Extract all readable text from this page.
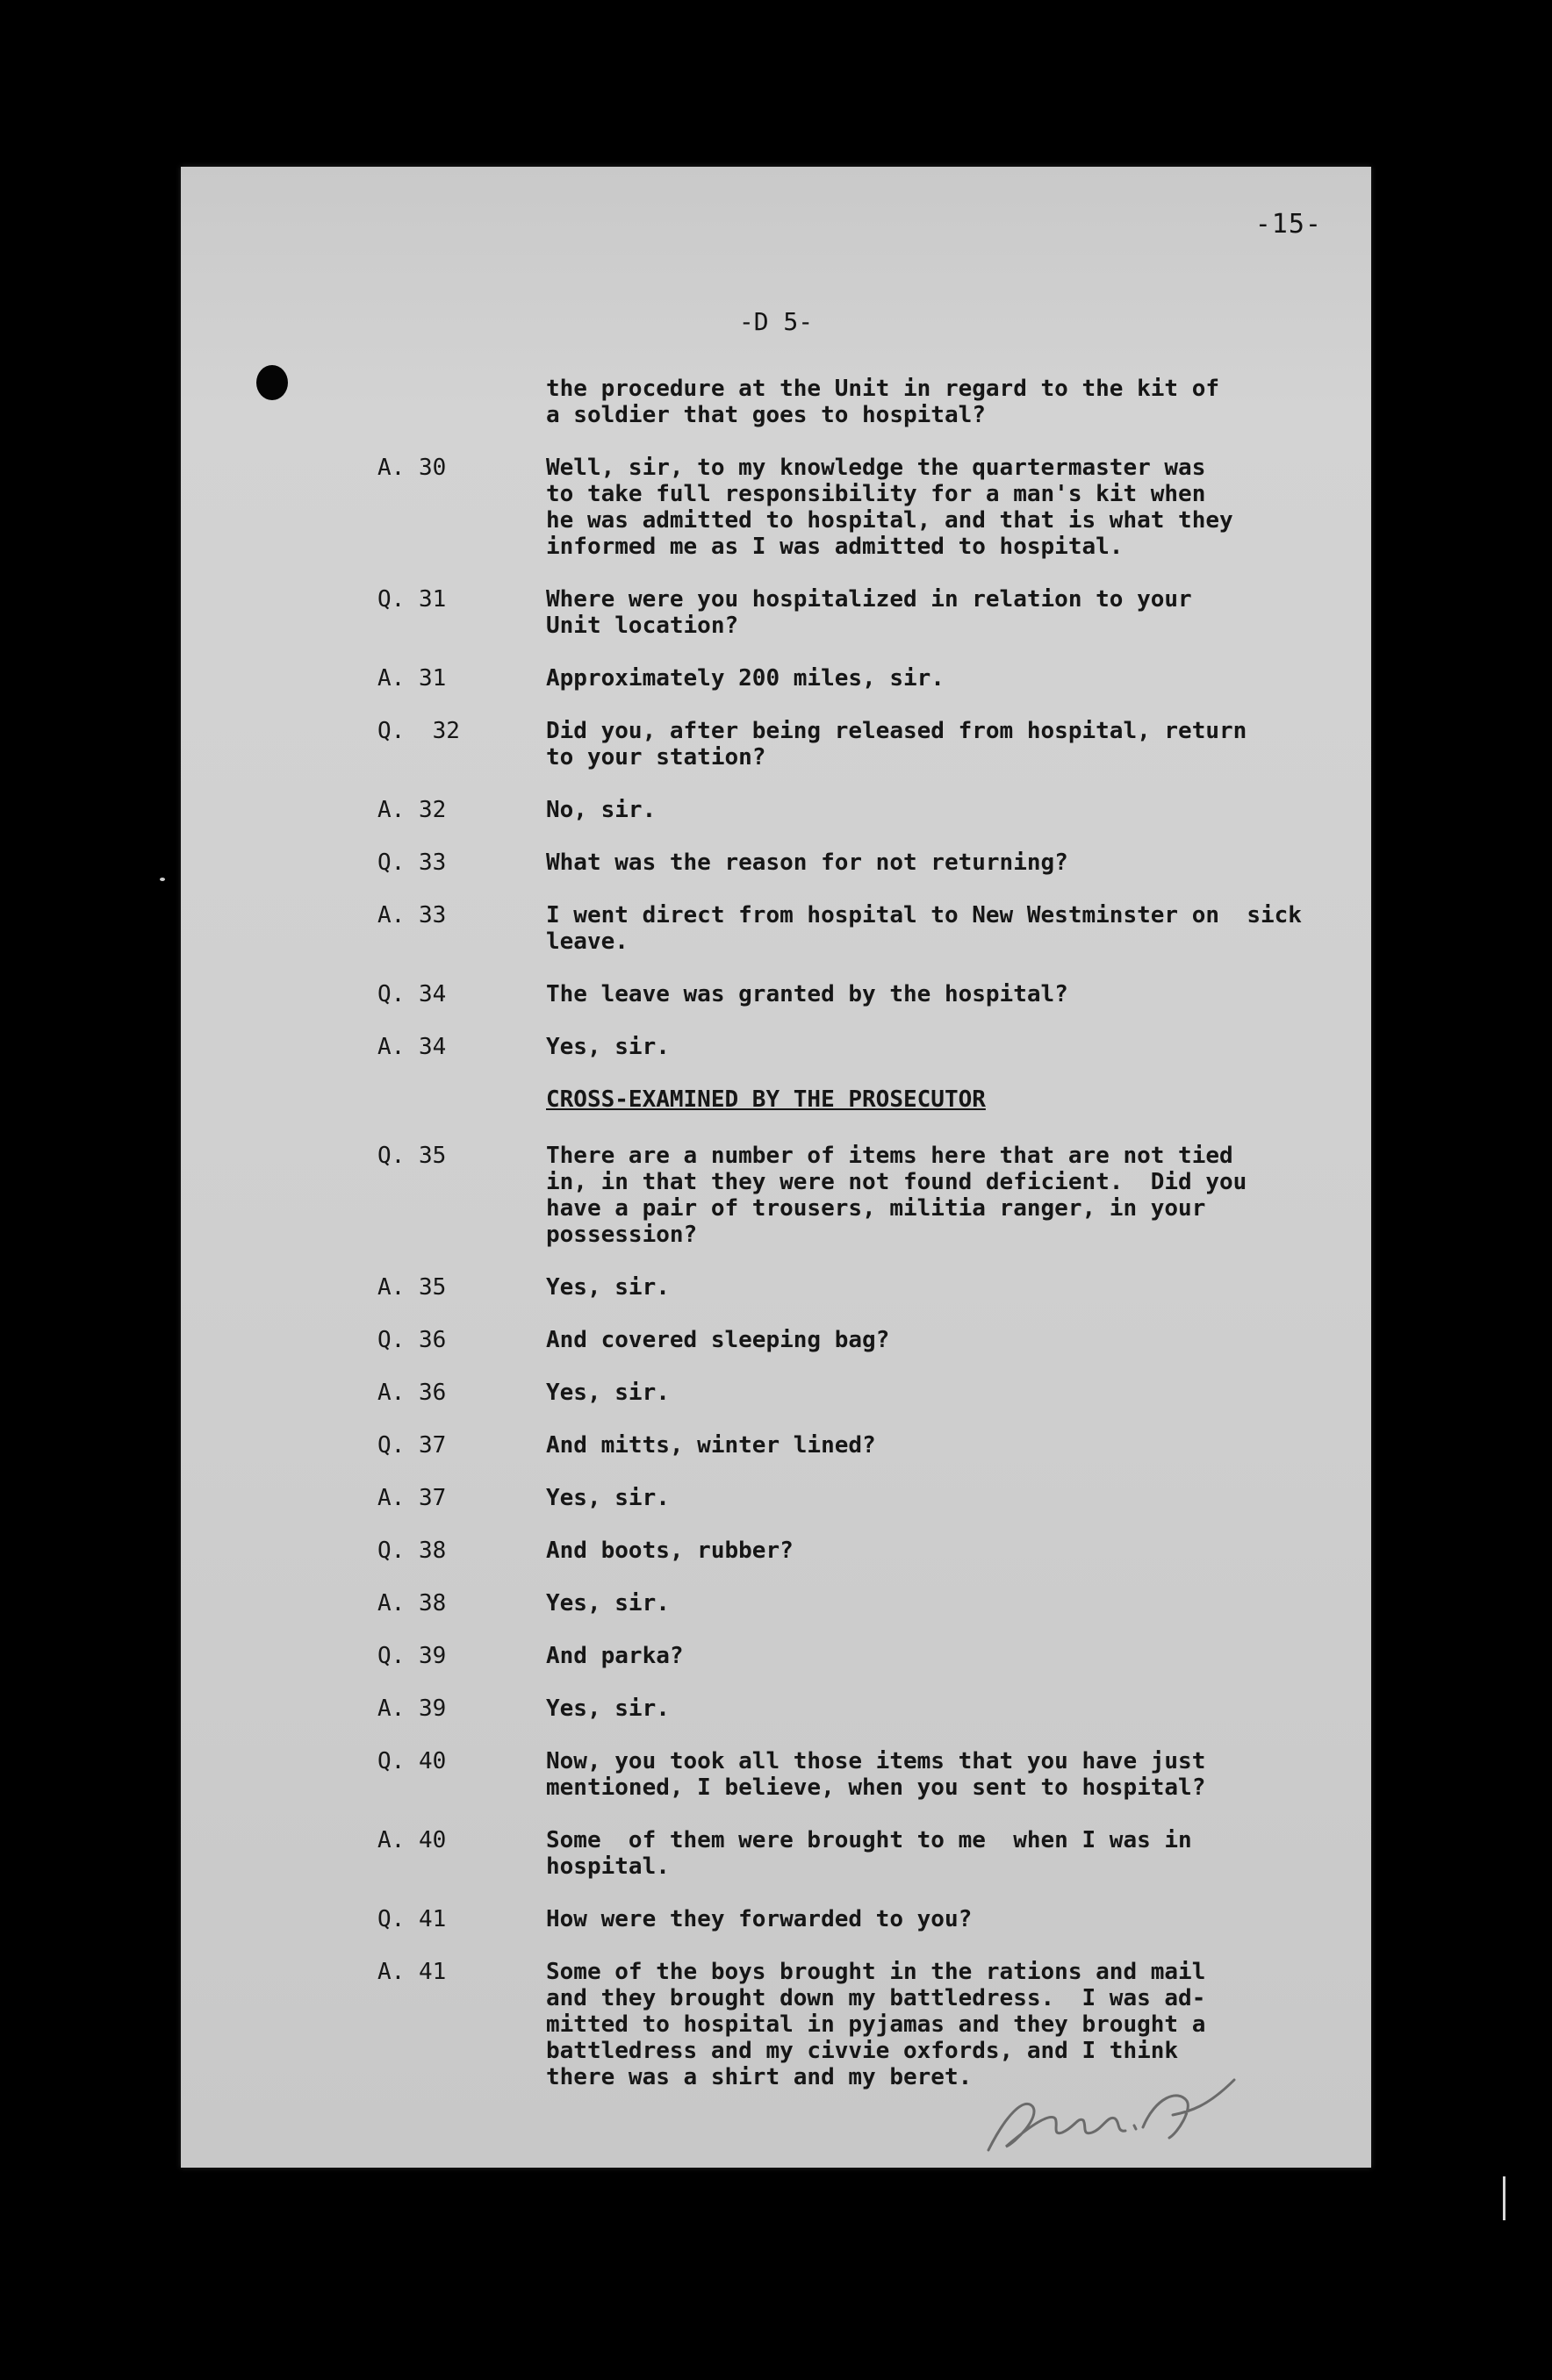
-15-
-D 5-
the procedure at the Unit in regard to the kit of
a soldier that goes to hospital?
A. 30	Well, sir, to my knowledge the quartermaster was
to take full responsibility for a man's kit when
he was admitted to hospital, and that is what they
informed me as I was admitted to hospital.
Q. 31	Where were you hospitalized in relation to your
Unit location?
A. 31	Approximately 200 miles, sir.
Q.  32	Did you, after being released from hospital, return
to your station?
A. 32	No, sir.
Q. 33	What was the reason for not returning?
A. 33	I went direct from hospital to New Westminster on  sick
leave.
Q. 34	The leave was granted by the hospital?
A. 34	Yes, sir.
CROSS-EXAMINED BY THE PROSECUTOR
Q. 35	There are a number of items here that are not tied
in, in that they were not found deficient.  Did you
have a pair of trousers, militia ranger, in your
possession?
A. 35	Yes, sir.
Q. 36	And covered sleeping bag?
A. 36	Yes, sir.
Q. 37	And mitts, winter lined?
A. 37	Yes, sir.
Q. 38	And boots, rubber?
A. 38	Yes, sir.
Q. 39	And parka?
A. 39	Yes, sir.
Q. 40	Now, you took all those items that you have just
mentioned, I believe, when you sent to hospital?
A. 40	Some  of them were brought to me  when I was in
hospital.
Q. 41	How were they forwarded to you?
A. 41	Some of the boys brought in the rations and mail
and they brought down my battledress.  I was ad-
mitted to hospital in pyjamas and they brought a
battledress and my civvie oxfords, and I think
there was a shirt and my beret.
